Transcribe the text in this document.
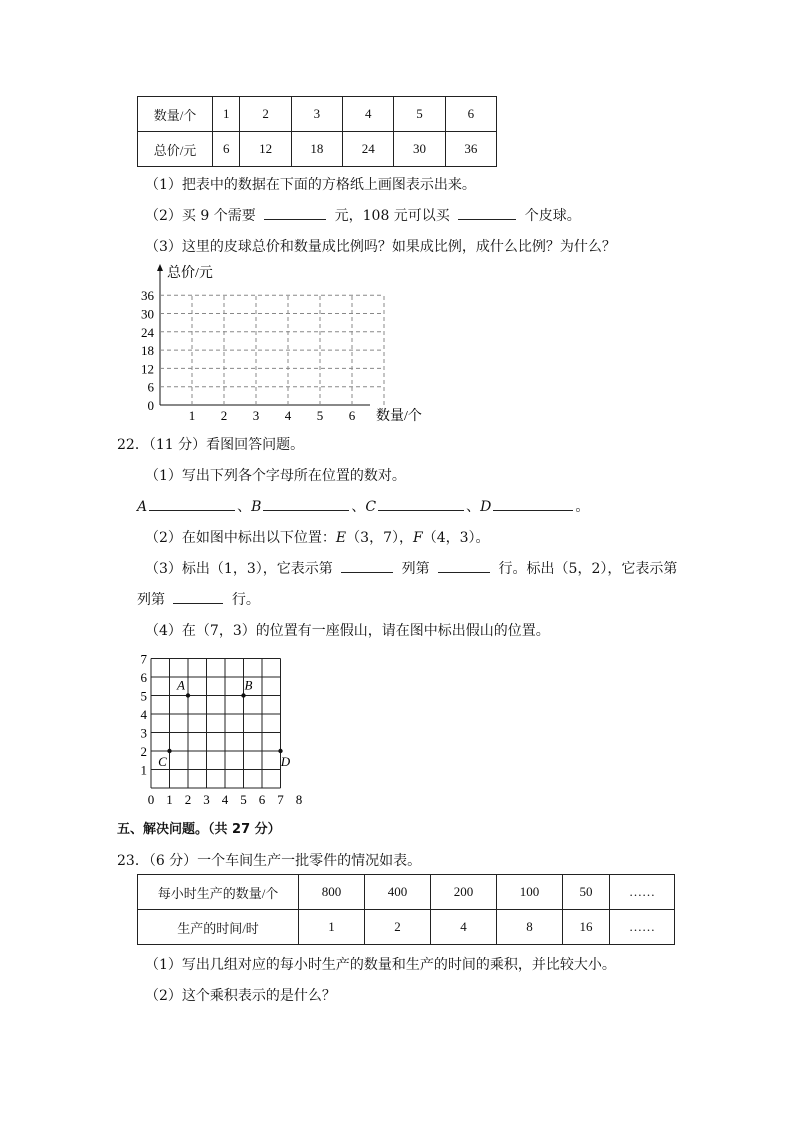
数量/个	1	2	3	4	5	6
总价/元	6	12	18	24	30	36
（1）把表中的数据在下面的方格纸上画图表示出来。
（2）买 9 个需要	元，108 元可以买	个皮球。
（3）这里的皮球总价和数量成比例吗？如果成比例，成什么比例？为什么？
总价/元
数量/个
36
30
24
18
12
6
0
1 2 3 4 5 6
22．（11 分）看图回答问题。
（1）写出下列各个字母所在位置的数对。
A	、B	、C	、D	。
（2）在如图中标出以下位置：E（3，7），F（4，3）。
（3）标出（1，3），它表示第	列第	行。标出（5，2），它表示第
列第	行。
（4）在（7，3）的位置有一座假山，请在图中标出假山的位置。
7
6
5
4
3
2
1
0 1 2 3 4 5 6 7 8
A	B
C	D
五、解决问题。（共 27 分）
23．（6 分）一个车间生产一批零件的情况如表。
每小时生产的数量/个	800	400	200	100	50	……
生产的时间/时	1	2	4	8	16	……
（1）写出几组对应的每小时生产的数量和生产的时间的乘积，并比较大小。
（2）这个乘积表示的是什么？
